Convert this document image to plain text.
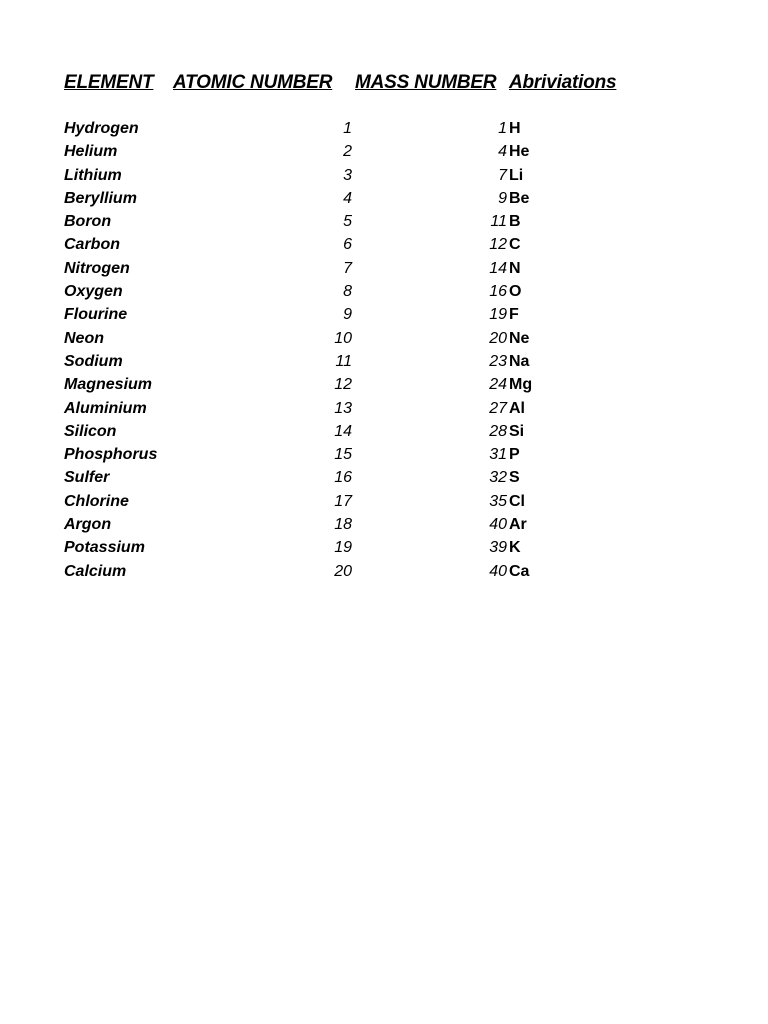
ELEMENT ATOMIC NUMBER MASS NUMBER Abriviations
Hydrogen	1	1 H
Helium	2	4 He
Lithium	3	7 Li
Beryllium	4	9 Be
Boron	5	11 B
Carbon	6	12 C
Nitrogen	7	14 N
Oxygen	8	16 O
Flourine	9	19 F
Neon	10	20 Ne
Sodium	11	23 Na
Magnesium	12	24 Mg
Aluminium	13	27 Al
Silicon	14	28 Si
Phosphorus	15	31 P
Sulfer	16	32 S
Chlorine	17	35 Cl
Argon	18	40 Ar
Potassium	19	39 K
Calcium	20	40 Ca
